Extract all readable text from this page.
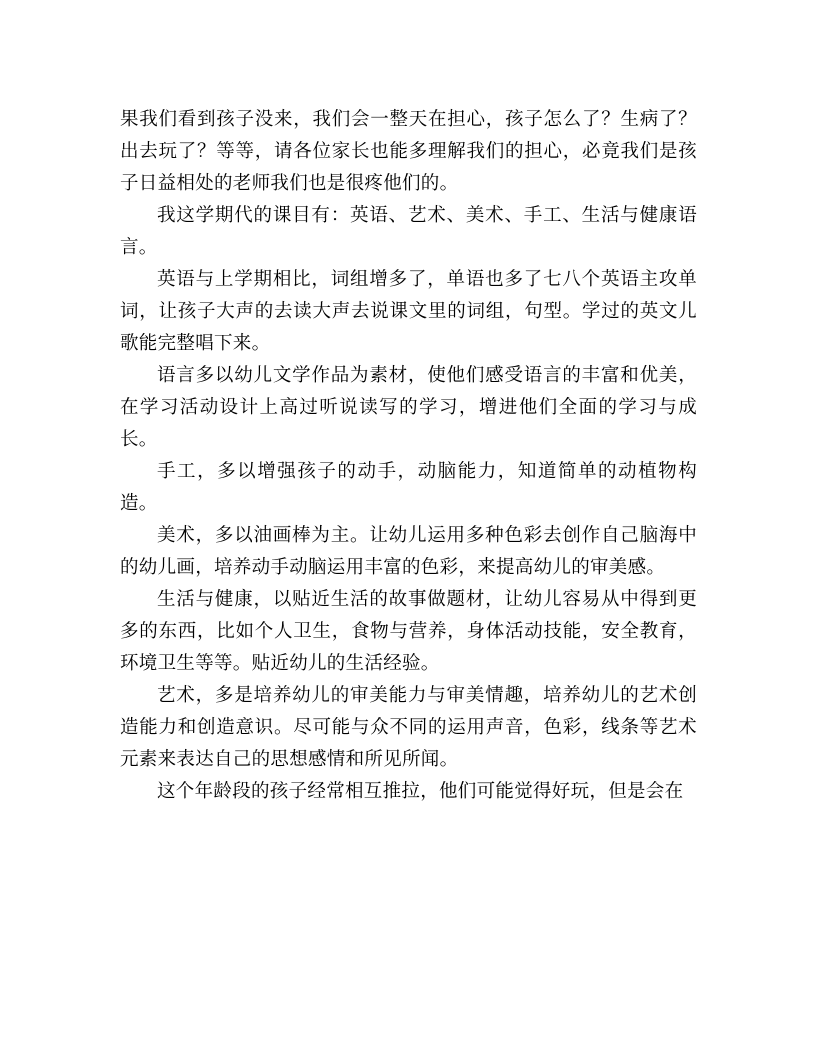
果我们看到孩子没来，我们会一整天在担心，孩子怎么了？生病了？出去玩了？等等，请各位家长也能多理解我们的担心，必竟我们是孩子日益相处的老师我们也是很疼他们的。

我这学期代的课目有：英语、艺术、美术、手工、生活与健康语言。

英语与上学期相比，词组增多了，单语也多了七八个英语主攻单词，让孩子大声的去读大声去说课文里的词组，句型。学过的英文儿歌能完整唱下来。

语言多以幼儿文学作品为素材，使他们感受语言的丰富和优美，在学习活动设计上高过听说读写的学习，增进他们全面的学习与成长。

手工，多以增强孩子的动手，动脑能力，知道简单的动植物构造。

美术，多以油画棒为主。让幼儿运用多种色彩去创作自己脑海中的幼儿画，培养动手动脑运用丰富的色彩，来提高幼儿的审美感。

生活与健康，以贴近生活的故事做题材，让幼儿容易从中得到更多的东西，比如个人卫生，食物与营养，身体活动技能，安全教育，环境卫生等等。贴近幼儿的生活经验。

艺术，多是培养幼儿的审美能力与审美情趣，培养幼儿的艺术创造能力和创造意识。尽可能与众不同的运用声音，色彩，线条等艺术元素来表达自己的思想感情和所见所闻。

这个年龄段的孩子经常相互推拉，他们可能觉得好玩，但是会在
